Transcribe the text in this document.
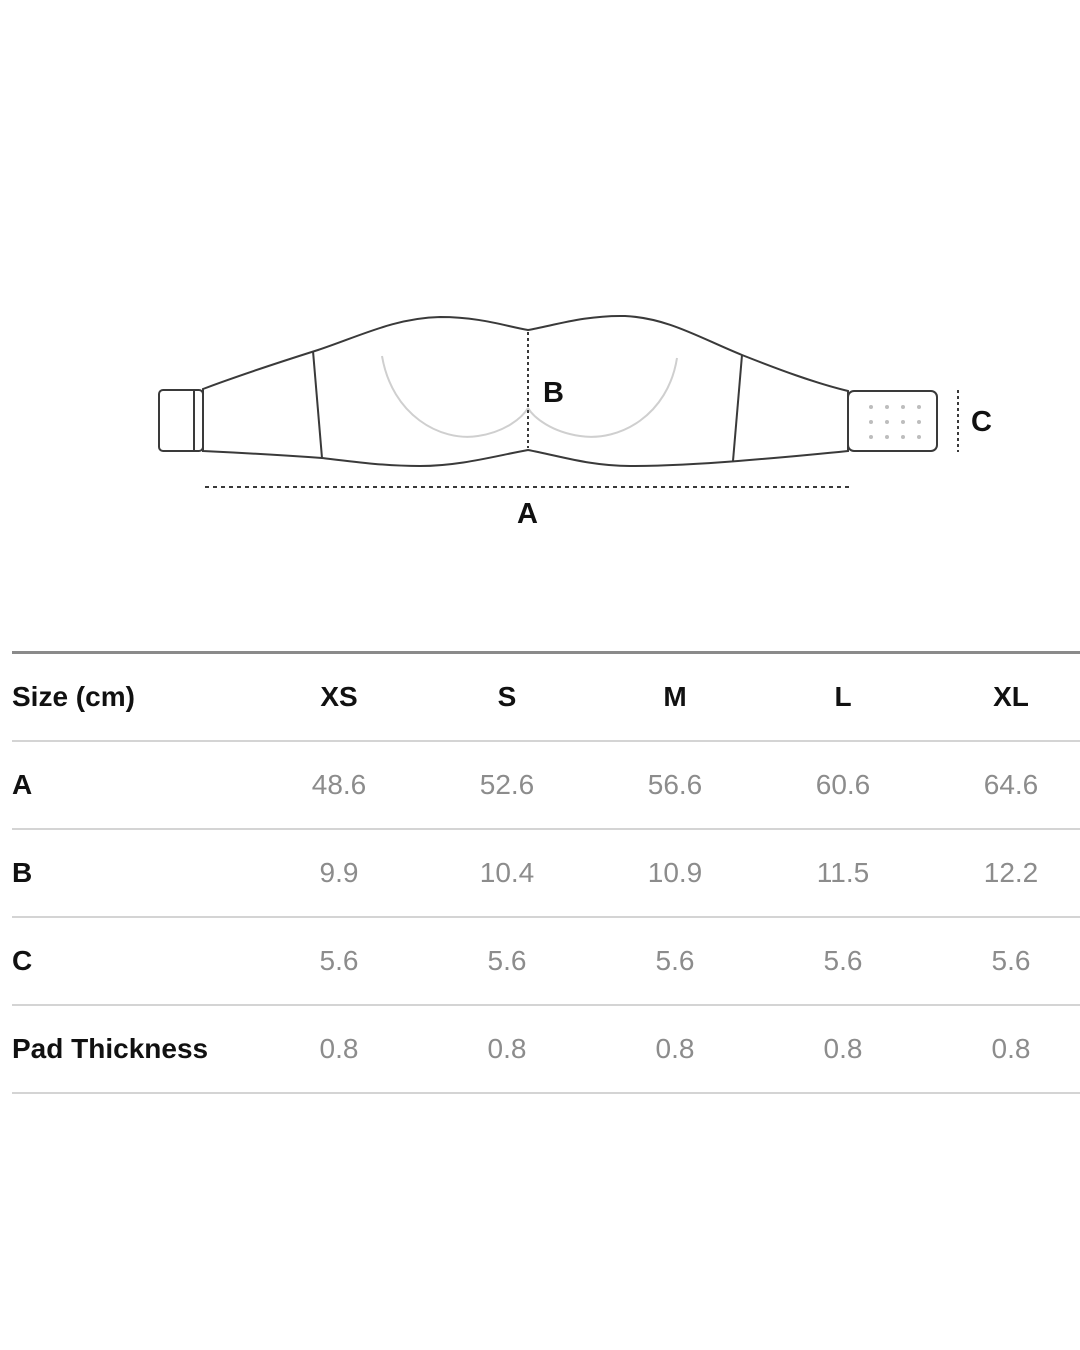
B
C
A
Size (cm)	XS	S	M	L	XL
A	48.6	52.6	56.6	60.6	64.6
B	9.9	10.4	10.9	11.5	12.2
C	5.6	5.6	5.6	5.6	5.6
Pad Thickness	0.8	0.8	0.8	0.8	0.8
